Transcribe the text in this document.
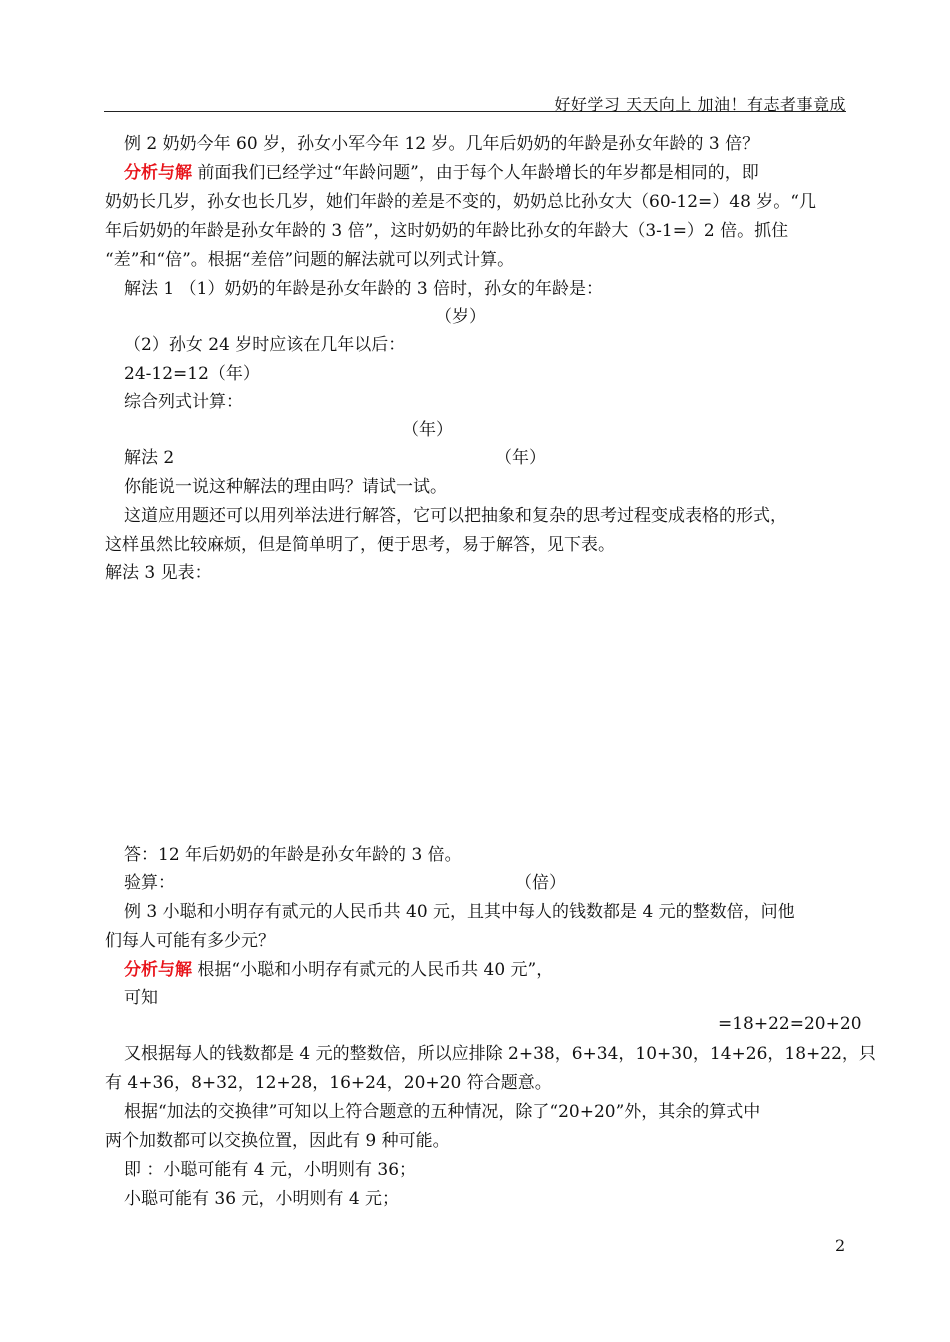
好好学习 天天向上 加油！有志者事竟成
例 2 奶奶今年 60 岁，孙女小军今年 12 岁。几年后奶奶的年龄是孙女年龄的 3 倍？
分析与解 前面我们已经学过“年龄问题”，由于每个人年龄增长的年岁都是相同的，即
奶奶长几岁，孙女也长几岁，她们年龄的差是不变的，奶奶总比孙女大（60-12=）48 岁。“几
年后奶奶的年龄是孙女年龄的 3 倍”，这时奶奶的年龄比孙女的年龄大（3-1=）2 倍。抓住
“差”和“倍”。根据“差倍”问题的解法就可以列式计算。
解法 1 （1）奶奶的年龄是孙女年龄的 3 倍时，孙女的年龄是：
（岁）
（2）孙女 24 岁时应该在几年以后：
24-12=12（年）
综合列式计算：
（年）
解法 2	（年）
你能说一说这种解法的理由吗？请试一试。
这道应用题还可以用列举法进行解答，它可以把抽象和复杂的思考过程变成表格的形式，
这样虽然比较麻烦，但是简单明了，便于思考，易于解答，见下表。
解法 3 见表：
答：12 年后奶奶的年龄是孙女年龄的 3 倍。
验算：	（倍）
例 3 小聪和小明存有贰元的人民币共 40 元，且其中每人的钱数都是 4 元的整数倍，问他
们每人可能有多少元？
分析与解 根据“小聪和小明存有贰元的人民币共 40 元”，
可知
=18+22=20+20
又根据每人的钱数都是 4 元的整数倍，所以应排除 2+38，6+34，10+30，14+26，18+22，只
有 4+36，8+32，12+28，16+24，20+20 符合题意。
根据“加法的交换律”可知以上符合题意的五种情况，除了“20+20”外，其余的算式中
两个加数都可以交换位置，因此有 9 种可能。
即 ：小聪可能有 4 元，小明则有 36；
小聪可能有 36 元，小明则有 4 元；
2
